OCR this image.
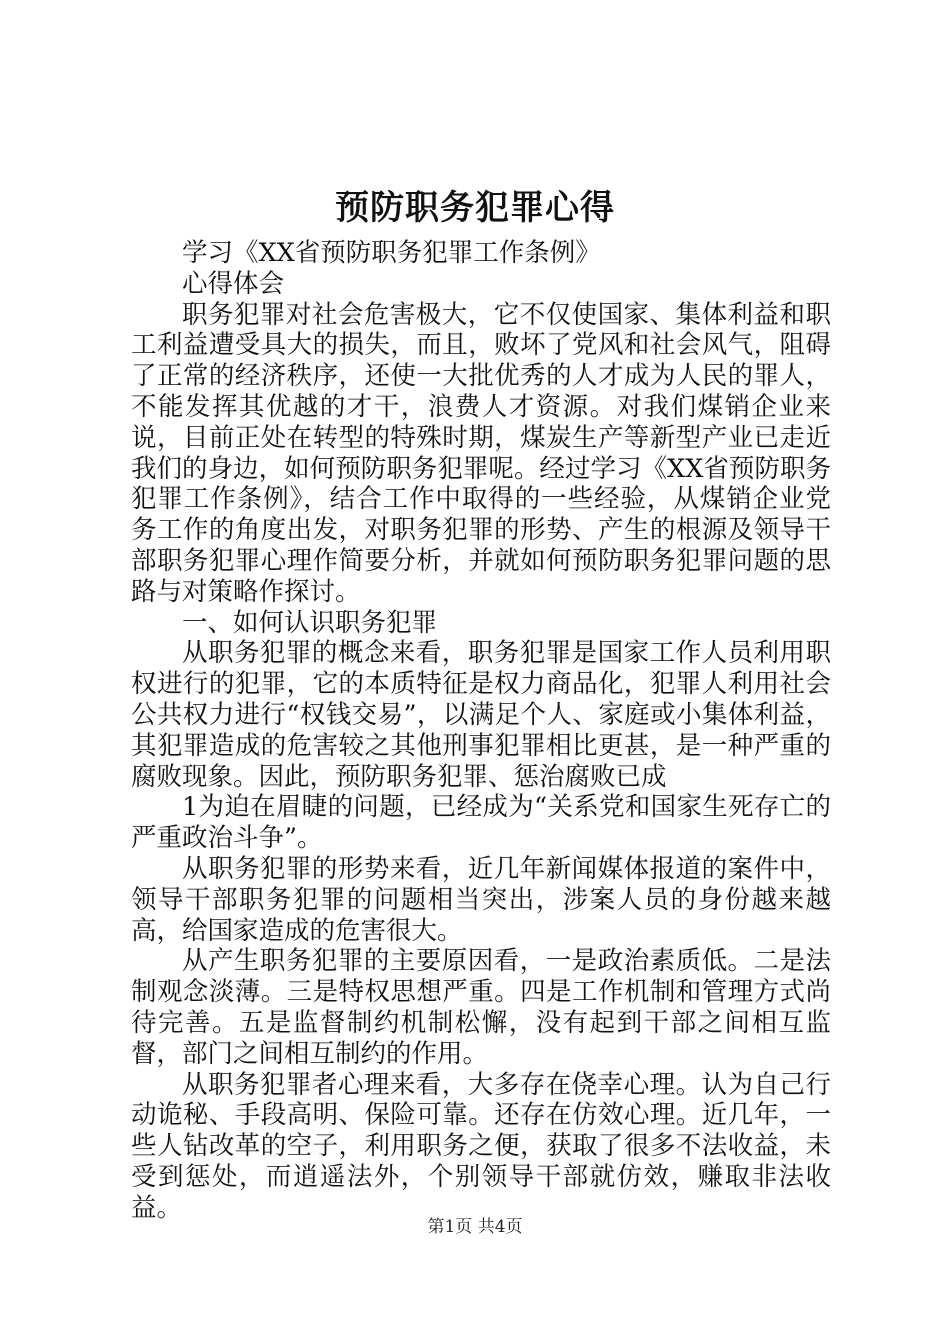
预防职务犯罪心得

学习《XX省预防职务犯罪工作条例》

心得体会

职务犯罪对社会危害极大，它不仅使国家、集体利益和职工利益遭受具大的损失，而且，败坏了党风和社会风气，阻碍了正常的经济秩序，还使一大批优秀的人才成为人民的罪人，不能发挥其优越的才干，浪费人才资源。对我们煤销企业来说，目前正处在转型的特殊时期，煤炭生产等新型产业已走近我们的身边，如何预防职务犯罪呢。经过学习《XX省预防职务犯罪工作条例》，结合工作中取得的一些经验，从煤销企业党务工作的角度出发，对职务犯罪的形势、产生的根源及领导干部职务犯罪心理作简要分析，并就如何预防职务犯罪问题的思路与对策略作探讨。

一、如何认识职务犯罪

从职务犯罪的概念来看，职务犯罪是国家工作人员利用职权进行的犯罪，它的本质特征是权力商品化，犯罪人利用社会公共权力进行“权钱交易”，以满足个人、家庭或小集体利益，其犯罪造成的危害较之其他刑事犯罪相比更甚，是一种严重的腐败现象。因此，预防职务犯罪、惩治腐败已成

1为迫在眉睫的问题，已经成为“关系党和国家生死存亡的严重政治斗争”。

从职务犯罪的形势来看，近几年新闻媒体报道的案件中，领导干部职务犯罪的问题相当突出，涉案人员的身份越来越高，给国家造成的危害很大。

从产生职务犯罪的主要原因看，一是政治素质低。二是法制观念淡薄。三是特权思想严重。四是工作机制和管理方式尚待完善。五是监督制约机制松懈，没有起到干部之间相互监督，部门之间相互制约的作用。

从职务犯罪者心理来看，大多存在侥幸心理。认为自己行动诡秘、手段高明、保险可靠。还存在仿效心理。近几年，一些人钻改革的空子，利用职务之便，获取了很多不法收益，未受到惩处，而逍遥法外，个别领导干部就仿效，赚取非法收益。

第1页 共4页
